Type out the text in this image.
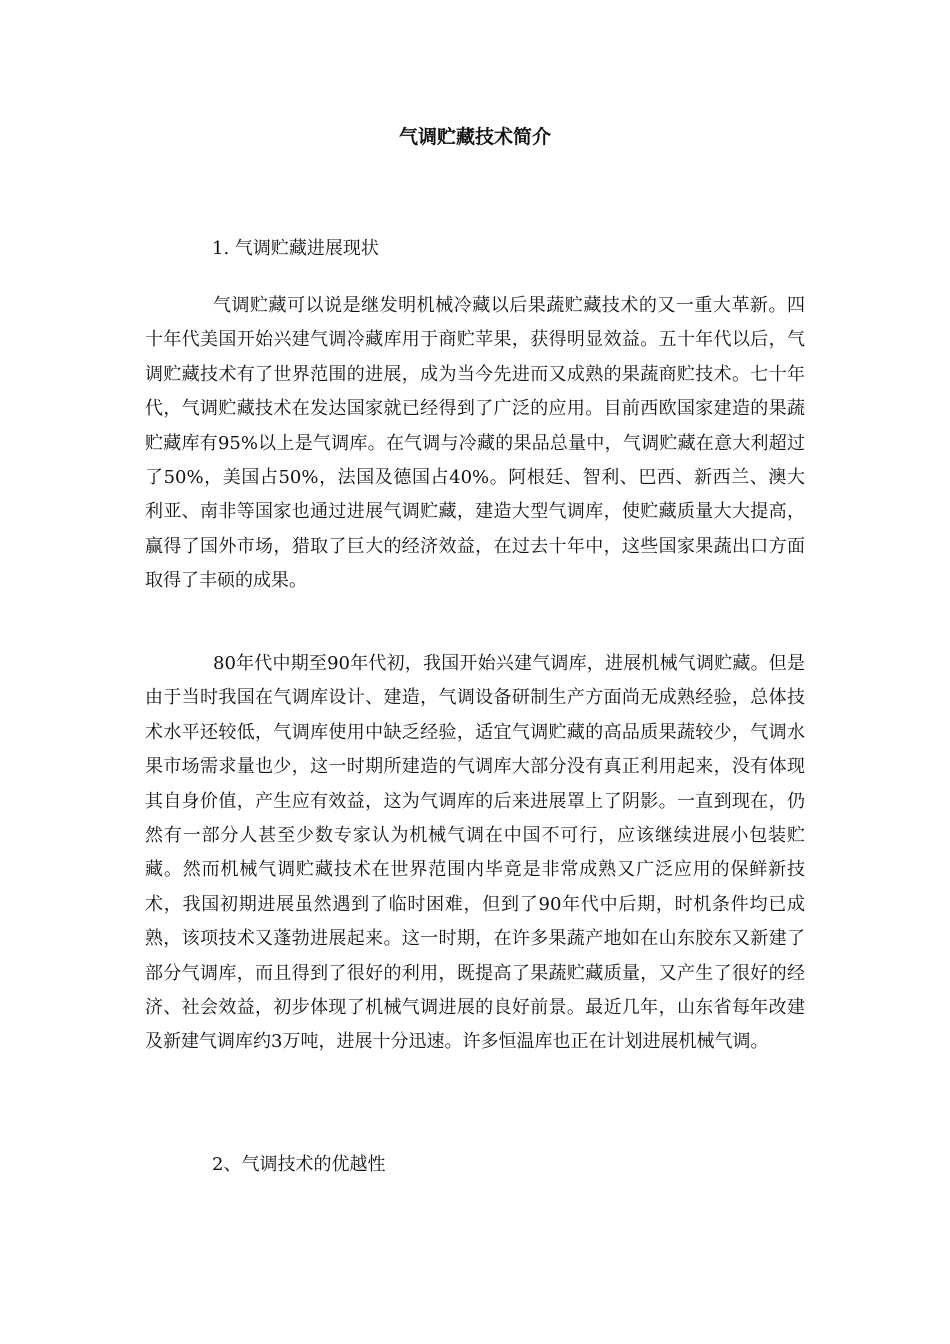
气调贮藏技术简介
1. 气调贮藏进展现状

气调贮藏可以说是继发明机械冷藏以后果蔬贮藏技术的又一重大革新。四十年代美国开始兴建气调冷藏库用于商贮苹果，获得明显效益。五十年代以后，气调贮藏技术有了世界范围的进展，成为当今先进而又成熟的果蔬商贮技术。七十年代，气调贮藏技术在发达国家就已经得到了广泛的应用。目前西欧国家建造的果蔬贮藏库有95%以上是气调库。在气调与冷藏的果品总量中，气调贮藏在意大利超过了50%，美国占50%，法国及德国占40%。阿根廷、智利、巴西、新西兰、澳大利亚、南非等国家也通过进展气调贮藏，建造大型气调库，使贮藏质量大大提高，赢得了国外市场，猎取了巨大的经济效益，在过去十年中，这些国家果蔬出口方面取得了丰硕的成果。

80年代中期至90年代初，我国开始兴建气调库，进展机械气调贮藏。但是由于当时我国在气调库设计、建造，气调设备研制生产方面尚无成熟经验，总体技术水平还较低，气调库使用中缺乏经验，适宜气调贮藏的高品质果蔬较少，气调水果市场需求量也少，这一时期所建造的气调库大部分没有真正利用起来，没有体现其自身价值，产生应有效益，这为气调库的后来进展罩上了阴影。一直到现在，仍然有一部分人甚至少数专家认为机械气调在中国不可行，应该继续进展小包装贮藏。然而机械气调贮藏技术在世界范围内毕竟是非常成熟又广泛应用的保鲜新技术，我国初期进展虽然遇到了临时困难，但到了90年代中后期，时机条件均已成熟，该项技术又蓬勃进展起来。这一时期，在许多果蔬产地如在山东胶东又新建了部分气调库，而且得到了很好的利用，既提高了果蔬贮藏质量，又产生了很好的经济、社会效益，初步体现了机械气调进展的良好前景。最近几年，山东省每年改建及新建气调库约3万吨，进展十分迅速。许多恒温库也正在计划进展机械气调。

2、气调技术的优越性
